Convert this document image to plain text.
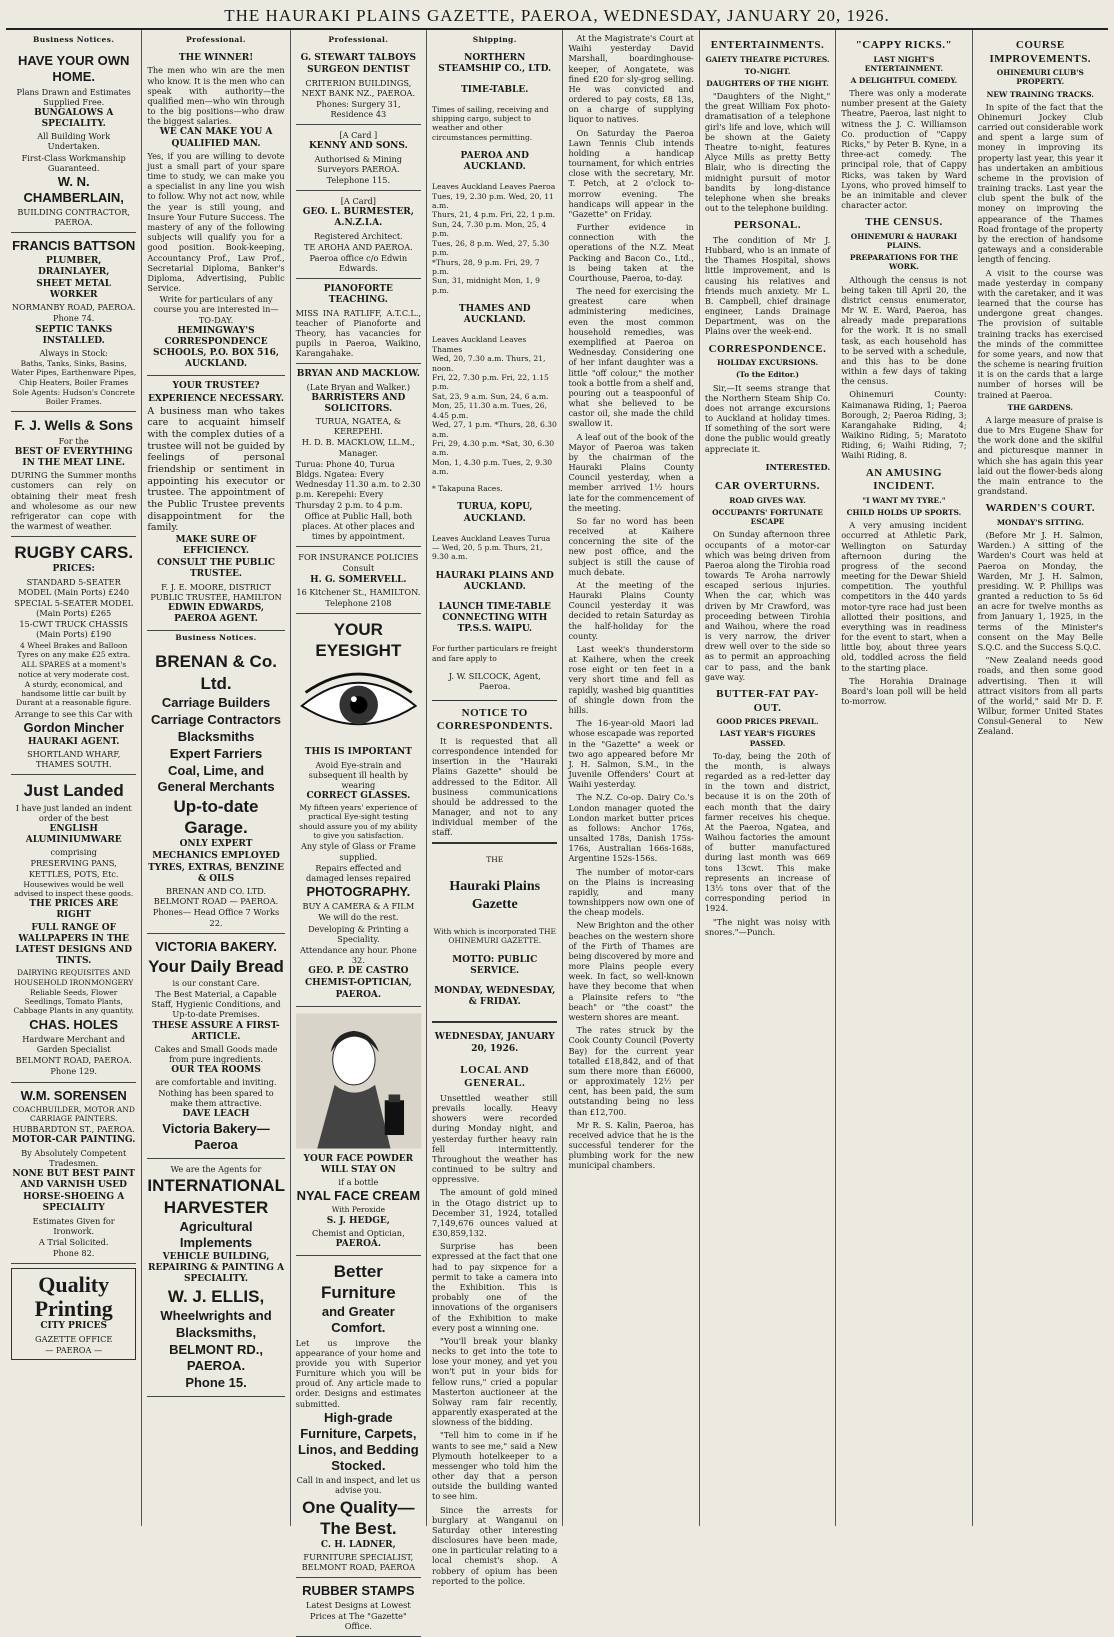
THE HAURAKI PLAINS GAZETTE, PAEROA, WEDNESDAY, JANUARY 20, 1926.
Business Notices.

HAVE YOUR OWN HOME.

Plans Drawn and Estimates Supplied Free.

BUNGALOWS A SPECIALITY.

All Building Work Undertaken.

First-Class Workmanship Guaranteed.

W. N. CHAMBERLAIN,

BUILDING CONTRACTOR, PAEROA.

FRANCIS BATTSON

PLUMBER, DRAINLAYER,

SHEET METAL WORKER

NORMANBY ROAD, PAEROA.

Phone 74.

SEPTIC TANKS INSTALLED.

Always in Stock:

Baths, Tanks, Sinks, Basins, Water Pipes, Earthenware Pipes, Chip Heaters, Boiler Frames

Sole Agents: Hudson's Concrete Boiler Frames.

F. J. Wells & Sons

For the

BEST OF EVERYTHING IN THE MEAT LINE.

DURING the Summer months customers can rely on obtaining their meat fresh and wholesome as our new refrigerator can cope with the warmest of weather.

RUGBY CARS.

PRICES:

STANDARD 5-SEATER MODEL (Main Ports) £240

SPECIAL 5-SEATER MODEL (Main Ports) £265

15-CWT TRUCK CHASSIS (Main Ports) £190

4 Wheel Brakes and Balloon Tyres on any make £25 extra.

ALL SPARES at a moment's notice at very moderate cost.

A sturdy, economical, and handsome little car built by Durant at a reasonable figure.

Arrange to see this Car with

Gordon Mincher

HAURAKI AGENT.

SHORTLAND WHARF, THAMES SOUTH.

Just Landed

I have just landed an indent order of the best

ENGLISH ALUMINIUMWARE

comprising

PRESERVING PANS, KETTLES, POTS, Etc.

Housewives would be well advised to inspect these goods.

THE PRICES ARE RIGHT

FULL RANGE OF WALLPAPERS IN THE LATEST DESIGNS AND TINTS.

DAIRYING REQUISITES AND HOUSEHOLD IRONMONGERY

Reliable Seeds, Flower Seedlings, Tomato Plants, Cabbage Plants in any quantity.

CHAS. HOLES

Hardware Merchant and Garden Specialist

BELMONT ROAD, PAEROA.

Phone 129.

W.M. SORENSEN

COACHBUILDER, MOTOR AND CARRIAGE PAINTERS.

HUBBARDTON ST., PAEROA.

MOTOR-CAR PAINTING.

By Absolutely Competent Tradesmen.

NONE BUT BEST PAINT AND VARNISH USED

HORSE-SHOEING A SPECIALITY

Estimates Given for Ironwork.

A Trial Solicited.

Phone 82.

Quality

Printing

CITY PRICES

GAZETTE OFFICE

— PAEROA —

Professional.

THE WINNER!

The men who win are the men who know. It is the men who can speak with authority—the qualified men—who win through to the big positions—who draw the biggest salaries.

WE CAN MAKE YOU A QUALIFIED MAN.

Yes, if you are willing to devote just a small part of your spare time to study, we can make you a specialist in any line you wish to follow. Why not act now, while the year is still young, and Insure Your Future Success. The mastery of any of the following subjects will qualify you for a good position. Book-keeping, Accountancy Prof., Law Prof., Secretarial Diploma, Banker's Diploma, Advertising, Public Service.

Write for particulars of any course you are interested in—TO-DAY.

HEMINGWAY'S CORRESPONDENCE SCHOOLS, P.O. BOX 516, AUCKLAND.

YOUR TRUSTEE?

EXPERIENCE NECESSARY.

A business man who takes care to acquaint himself with the complex duties of a trustee will not be guided by feelings of personal friendship or sentiment in appointing his executor or trustee. The appointment of the Public Trustee prevents disappointment for the family.

MAKE SURE OF EFFICIENCY.

CONSULT THE PUBLIC TRUSTEE.

F. J. E. MOORE, DISTRICT PUBLIC TRUSTEE, HAMILTON

EDWIN EDWARDS, PAEROA AGENT.

Business Notices.

BRENAN & Co. Ltd.

Carriage Builders

Carriage Contractors

Blacksmiths

Expert Farriers

Coal, Lime, and General Merchants

Up-to-date Garage.

ONLY EXPERT MECHANICS EMPLOYED

TYRES, EXTRAS, BENZINE & OILS

BRENAN AND CO. LTD. BELMONT ROAD — PAEROA.

Phones— Head Office 7 Works 22.

VICTORIA BAKERY.

Your Daily Bread

is our constant Care.

The Best Material, a Capable Staff, Hygienic Conditions, and Up-to-date Premises.

THESE ASSURE A FIRST-ARTICLE.

Cakes and Small Goods made from pure ingredients.

OUR TEA ROOMS

are comfortable and inviting. Nothing has been spared to make them attractive.

DAVE LEACH

Victoria Bakery—Paeroa

We are the Agents for

INTERNATIONAL HARVESTER

Agricultural Implements

VEHICLE BUILDING, REPAIRING & PAINTING A SPECIALITY.

W. J. ELLIS,

Wheelwrights and Blacksmiths,

BELMONT RD., PAEROA.

Phone 15.

Professional.

G. STEWART TALBOYS

SURGEON DENTIST

CRITERION BUILDINGS, NEXT BANK NZ., PAEROA.

Phones: Surgery 31, Residence 43

[A Card ]

KENNY AND SONS.

Authorised & Mining Surveyors PAEROA.

Telephone 115.

[A Card]

GEO. L. BURMESTER, A.N.Z.I.A.

Registered Architect.

TE AROHA AND PAEROA.

Paeroa office c/o Edwin Edwards.

PIANOFORTE TEACHING.

MISS INA RATLIFF, A.T.C.L., teacher of Pianoforte and Theory, has vacancies for pupils in Paeroa, Waikino, Karangahake.

BRYAN AND MACKLOW.

(Late Bryan and Walker.)

BARRISTERS AND SOLICITORS.

TURUA, NGATEA, & KEREPEHI.

H. D. B. MACKLOW, LL.M., Manager.

Turua: Phone 40, Turua Bldgs. Ngatea: Every Wednesday 11.30 a.m. to 2.30 p.m. Kerepehi: Every Thursday 2 p.m. to 4 p.m.

Office at Public Hall, both places. At other places and times by appointment.

FOR INSURANCE POLICIES

Consult

H. G. SOMERVELL.

16 Kitchener St., HAMILTON.

Telephone 2108

YOUR EYESIGHT

THIS IS IMPORTANT

Avoid Eye-strain and subsequent ill health by wearing

CORRECT GLASSES.

My fifteen years' experience of practical Eye-sight testing should assure you of my ability to give you satisfaction.

Any style of Glass or Frame supplied.

Repairs effected and damaged lenses repaired

PHOTOGRAPHY.

BUY A CAMERA & A FILM

We will do the rest.

Developing & Printing a Speciality.

Attendance any hour. Phone 32.

GEO. P. DE CASTRO

CHEMIST-OPTICIAN, PAEROA.

YOUR FACE POWDER WILL STAY ON

if a bottle

NYAL FACE CREAM

With Peroxide

S. J. HEDGE,

Chemist and Optician,

PAEROA.

Better Furniture

and Greater Comfort.

Let us improve the appearance of your home and provide you with Superior Furniture which you will be proud of. Any article made to order. Designs and estimates submitted.

High-grade Furniture, Carpets, Linos, and Bedding Stocked.

Call in and inspect, and let us advise you.

One Quality—The Best.

C. H. LADNER,

FURNITURE SPECIALIST, BELMONT ROAD, PAEROA

RUBBER STAMPS

Latest Designs at Lowest Prices at The "Gazette" Office.

Shipping.

NORTHERN STEAMSHIP CO., LTD.

TIME-TABLE.

Times of sailing, receiving and shipping cargo, subject to weather and other circumstances permitting.

PAEROA AND AUCKLAND.

Leaves Auckland Leaves Paeroa

Tues, 19, 2.30 p.m. Wed, 20, 11 a.m.

Thurs, 21, 4 p.m. Fri, 22, 1 p.m.

Sun, 24, 7.30 p.m. Mon, 25, 4 p.m.

Tues, 26, 8 p.m. Wed, 27, 5.30 p.m.

*Thurs, 28, 9 p.m. Fri, 29, 7 p.m.

Sun, 31, midnight Mon, 1, 9 p.m.

THAMES AND AUCKLAND.

Leaves Auckland Leaves Thames

Wed, 20, 7.30 a.m. Thurs, 21, noon.

Fri, 22, 7.30 p.m. Fri, 22, 1.15 p.m.

Sat, 23, 9 a.m. Sun, 24, 6 a.m.

Mon, 25, 11.30 a.m. Tues, 26, 4.45 p.m.

Wed, 27, 1 p.m. *Thurs, 28, 6.30 a.m.

Fri, 29, 4.30 p.m. *Sat, 30, 6.30 a.m.

Mon, 1, 4.30 p.m. Tues, 2, 9.30 a.m.

* Takapuna Races.

TURUA, KOPU, AUCKLAND.

Leaves Auckland Leaves Turua — Wed, 20, 5 p.m. Thurs, 21, 9.30 a.m.

HAURAKI PLAINS AND AUCKLAND.

LAUNCH TIME-TABLE CONNECTING WITH TP.S.S. WAIPU.

For further particulars re freight and fare apply to

J. W. SILCOCK, Agent, Paeroa.

NOTICE TO CORRESPONDENTS.

It is requested that all correspondence intended for insertion in the "Hauraki Plains Gazette" should be addressed to the Editor. All business communications should be addressed to the Manager, and not to any individual member of the staff.

THE

Hauraki Plains Gazette

With which is incorporated THE OHINEMURI GAZETTE.

MOTTO: PUBLIC SERVICE.

MONDAY, WEDNESDAY, & FRIDAY.

WEDNESDAY, JANUARY 20, 1926.

LOCAL AND GENERAL.

Unsettled weather still prevails locally. Heavy showers were recorded during Monday night, and yesterday further heavy rain fell intermittently. Throughout the weather has continued to be sultry and oppressive.

The amount of gold mined in the Otago district up to December 31, 1924, totalled 7,149,676 ounces valued at £30,859,132.

Surprise has been expressed at the fact that one had to pay sixpence for a permit to take a camera into the Exhibition. This is probably one of the innovations of the organisers of the Exhibition to make every post a winning one.

"You'll break your blanky necks to get into the tote to lose your money, and yet you won't put in your bids for fellow runs," cried a popular Masterton auctioneer at the Solway ram fair recently, apparently exasperated at the slowness of the bidding.

"Tell him to come in if he wants to see me," said a New Plymouth hotelkeeper to a messenger who told him the other day that a person outside the building wanted to see him.

Since the arrests for burglary at Wanganui on Saturday other interesting disclosures have been made, one in particular relating to a local chemist's shop. A robbery of opium has been reported to the police.

At the Magistrate's Court at Waihi yesterday David Marshall, boardinghouse-keeper, of Aongatete, was fined £20 for sly-grog selling. He was convicted and ordered to pay costs, £8 13s, on a charge of supplying liquor to natives.

On Saturday the Paeroa Lawn Tennis Club intends holding a handicap tournament, for which entries close with the secretary, Mr. T. Petch, at 2 o'clock to-morrow evening. The handicaps will appear in the "Gazette" on Friday.

Further evidence in connection with the operations of the N.Z. Meat Packing and Bacon Co., Ltd., is being taken at the Courthouse, Paeroa, to-day.

The need for exercising the greatest care when administering medicines, even the most common household remedies, was exemplified at Paeroa on Wednesday. Considering one of her infant daughter was a little "off colour," the mother took a bottle from a shelf and, pouring out a teaspoonful of what she believed to be castor oil, she made the child swallow it.

A leaf out of the book of the Mayor of Paeroa was taken by the chairman of the Hauraki Plains County Council yesterday, when a member arrived 1½ hours late for the commencement of the meeting.

So far no word has been received at Kaihere concerning the site of the new post office, and the subject is still the cause of much debate.

At the meeting of the Hauraki Plains County Council yesterday it was decided to retain Saturday as the half-holiday for the county.

Last week's thunderstorm at Kaihere, when the creek rose eight or ten feet in a very short time and fell as rapidly, washed big quantities of shingle down from the hills.

The 16-year-old Maori lad whose escapade was reported in the "Gazette" a week or two ago appeared before Mr J. H. Salmon, S.M., in the Juvenile Offenders' Court at Waihi yesterday.

The N.Z. Co-op. Dairy Co.'s London manager quoted the London market butter prices as follows: Anchor 176s, unsalted 178s, Danish 175s-176s, Australian 166s-168s, Argentine 152s-156s.

The number of motor-cars on the Plains is increasing rapidly, and many townshippers now own one of the cheap models.

New Brighton and the other beaches on the western shore of the Firth of Thames are being discovered by more and more Plains people every week. In fact, so well-known have they become that when a Plainsite refers to "the beach" or "the coast" the western shores are meant.

The rates struck by the Cook County Council (Poverty Bay) for the current year totalled £18,842, and of that sum there more than £6000, or approximately 12½ per cent, has been paid, the sum outstanding being no less than £12,700.

Mr R. S. Kalin, Paeroa, has received advice that he is the successful tenderer for the plumbing work for the new municipal chambers.

ENTERTAINMENTS.

GAIETY THEATRE PICTURES.

TO-NIGHT.

DAUGHTERS OF THE NIGHT.

"Daughters of the Night," the great William Fox photo-dramatisation of a telephone girl's life and love, which will be shown at the Gaiety Theatre to-night, features Alyce Mills as pretty Betty Blair, who is directing the midnight pursuit of motor bandits by long-distance telephone when she breaks out to the telephone building.

PERSONAL.

The condition of Mr J. Hubbard, who is an inmate of the Thames Hospital, shows little improvement, and is causing his relatives and friends much anxiety. Mr L. B. Campbell, chief drainage engineer, Lands Drainage Department, was on the Plains over the week-end.

CORRESPONDENCE.

HOLIDAY EXCURSIONS.

(To the Editor.)

Sir,—It seems strange that the Northern Steam Ship Co. does not arrange excursions to Auckland at holiday times. If something of the sort were done the public would greatly appreciate it.

INTERESTED.

CAR OVERTURNS.

ROAD GIVES WAY.

OCCUPANTS' FORTUNATE ESCAPE

On Sunday afternoon three occupants of a motor-car which was being driven from Paeroa along the Tirohia road towards Te Aroha narrowly escaped serious injuries. When the car, which was driven by Mr Crawford, was proceeding between Tirohia and Waihou, where the road is very narrow, the driver drew well over to the side so as to permit an approaching car to pass, and the bank gave way.

BUTTER-FAT PAY-OUT.

GOOD PRICES PREVAIL.

LAST YEAR'S FIGURES PASSED.

To-day, being the 20th of the month, is always regarded as a red-letter day in the town and district, because it is on the 20th of each month that the dairy farmer receives his cheque. At the Paeroa, Ngatea, and Waihou factories the amount of butter manufactured during last month was 669 tons 13cwt. This make represents an increase of 13½ tons over that of the corresponding period in 1924.

"The night was noisy with snores."—Punch.

"CAPPY RICKS."

LAST NIGHT'S ENTERTAINMENT.

A DELIGHTFUL COMEDY.

There was only a moderate number present at the Gaiety Theatre, Paeroa, last night to witness the J. C. Williamson Co. production of "Cappy Ricks," by Peter B. Kyne, in a three-act comedy. The principal role, that of Cappy Ricks, was taken by Ward Lyons, who proved himself to be an inimitable and clever character actor.

THE CENSUS.

OHINEMURI & HAURAKI PLAINS.

PREPARATIONS FOR THE WORK.

Although the census is not being taken till April 20, the district census enumerator, Mr W. E. Ward, Paeroa, has already made preparations for the work. It is no small task, as each household has to be served with a schedule, and this has to be done within a few days of taking the census.

Ohinemuri County: Kaimanawa Riding, 1; Paeroa Borough, 2; Paeroa Riding, 3; Karangahake Riding, 4; Waikino Riding, 5; Maratoto Riding, 6; Waihi Riding, 7; Waihi Riding, 8.

AN AMUSING INCIDENT.

"I WANT MY TYRE."

CHILD HOLDS UP SPORTS.

A very amusing incident occurred at Athletic Park, Wellington on Saturday afternoon during the progress of the second meeting for the Dewar Shield competition. The youthful competitors in the 440 yards motor-tyre race had just been allotted their positions, and everything was in readiness for the event to start, when a little boy, about three years old, toddled across the field to the starting place.

The Horahia Drainage Board's loan poll will be held to-morrow.

COURSE IMPROVEMENTS.

OHINEMURI CLUB'S PROPERTY.

NEW TRAINING TRACKS.

In spite of the fact that the Ohinemuri Jockey Club carried out considerable work and spent a large sum of money in improving its property last year, this year it has undertaken an ambitious scheme in the provision of training tracks. Last year the club spent the bulk of the money on improving the appearance of the Thames Road frontage of the property by the erection of handsome gateways and a considerable length of fencing.

A visit to the course was made yesterday in company with the caretaker, and it was learned that the course has undergone great changes. The provision of suitable training tracks has exercised the minds of the committee for some years, and now that the scheme is nearing fruition it is on the cards that a large number of horses will be trained at Paeroa.

THE GARDENS.

A large measure of praise is due to Mrs Eugene Shaw for the work done and the skilful and picturesque manner in which she has again this year laid out the flower-beds along the main entrance to the grandstand.

WARDEN'S COURT.

MONDAY'S SITTING.

(Before Mr J. H. Salmon, Warden.) A sitting of the Warden's Court was held at Paeroa on Monday, the Warden, Mr J. H. Salmon, presiding. W. P. Phillips was granted a reduction to 5s 6d an acre for twelve months as from January 1, 1925, in the terms of the Minister's consent on the May Belle S.Q.C. and the Success S.Q.C.

"New Zealand needs good roads, and then some good advertising. Then it will attract visitors from all parts of the world," said Mr D. F. Wilbur, former United States Consul-General to New Zealand.
